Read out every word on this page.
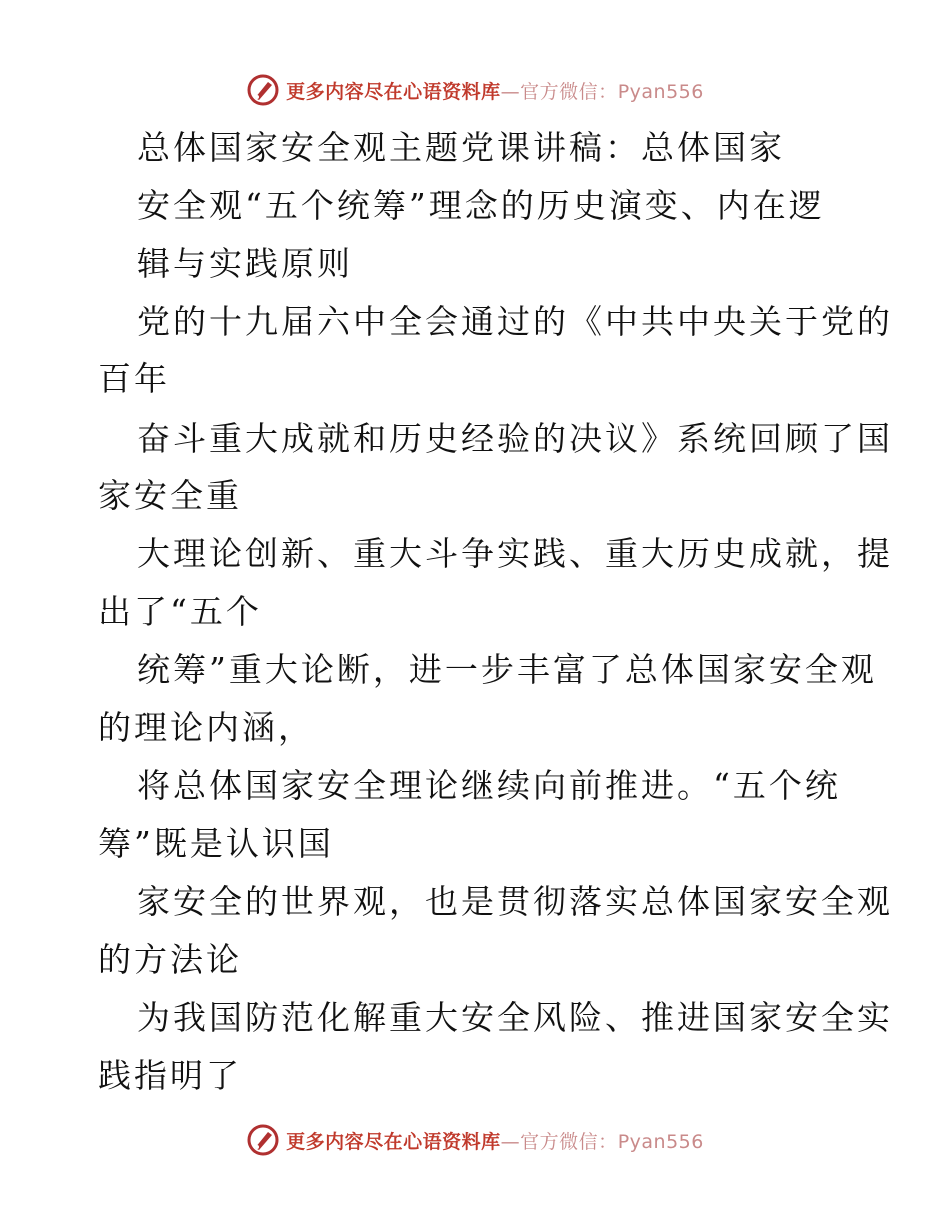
更多内容尽在心语资料库—官方微信：Pyan556
总体国家安全观主题党课讲稿：总体国家
安全观“五个统筹”理念的历史演变、内在逻
辑与实践原则
党的十九届六中全会通过的《中共中央关于党的
百年
奋斗重大成就和历史经验的决议》系统回顾了国
家安全重
大理论创新、重大斗争实践、重大历史成就，提
出了“五个
统筹”重大论断，进一步丰富了总体国家安全观
的理论内涵，
将总体国家安全理论继续向前推进。“五个统
筹”既是认识国
家安全的世界观，也是贯彻落实总体国家安全观
的方法论
为我国防范化解重大安全风险、推进国家安全实
践指明了
更多内容尽在心语资料库—官方微信：Pyan556
